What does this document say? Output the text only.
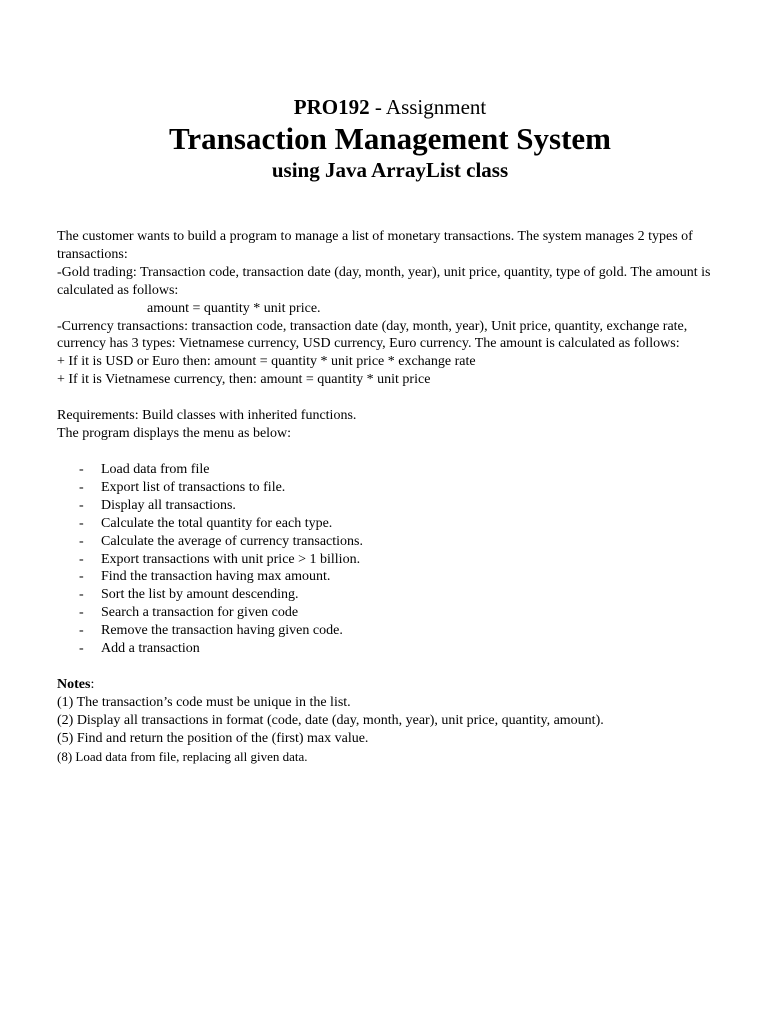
PRO192 - Assignment
Transaction Management System
using Java ArrayList class

The customer wants to build a program to manage a list of monetary transactions. The system manages 2 types of transactions:

-Gold trading: Transaction code, transaction date (day, month, year), unit price, quantity, type of gold. The amount is calculated as follows:

amount = quantity * unit price.

-Currency transactions: transaction code, transaction date (day, month, year), Unit price, quantity, exchange rate, currency has 3 types: Vietnamese currency, USD currency, Euro currency. The amount is calculated as follows:

+ If it is USD or Euro then: amount = quantity * unit price * exchange rate

+ If it is Vietnamese currency, then: amount = quantity * unit price

Requirements: Build classes with inherited functions.

The program displays the menu as below:

- Load data from file
- Export list of transactions to file.
- Display all transactions.
- Calculate the total quantity for each type.
- Calculate the average of currency transactions.
- Export transactions with unit price > 1 billion.
- Find the transaction having max amount.
- Sort the list by amount descending.
- Search a transaction for given code
- Remove the transaction having given code.
- Add a transaction

Notes:

(1) The transaction’s code must be unique in the list.

(2) Display all transactions in format (code, date (day, month, year), unit price, quantity, amount).

(5) Find and return the position of the (first) max value.

(8) Load data from file, replacing all given data.
